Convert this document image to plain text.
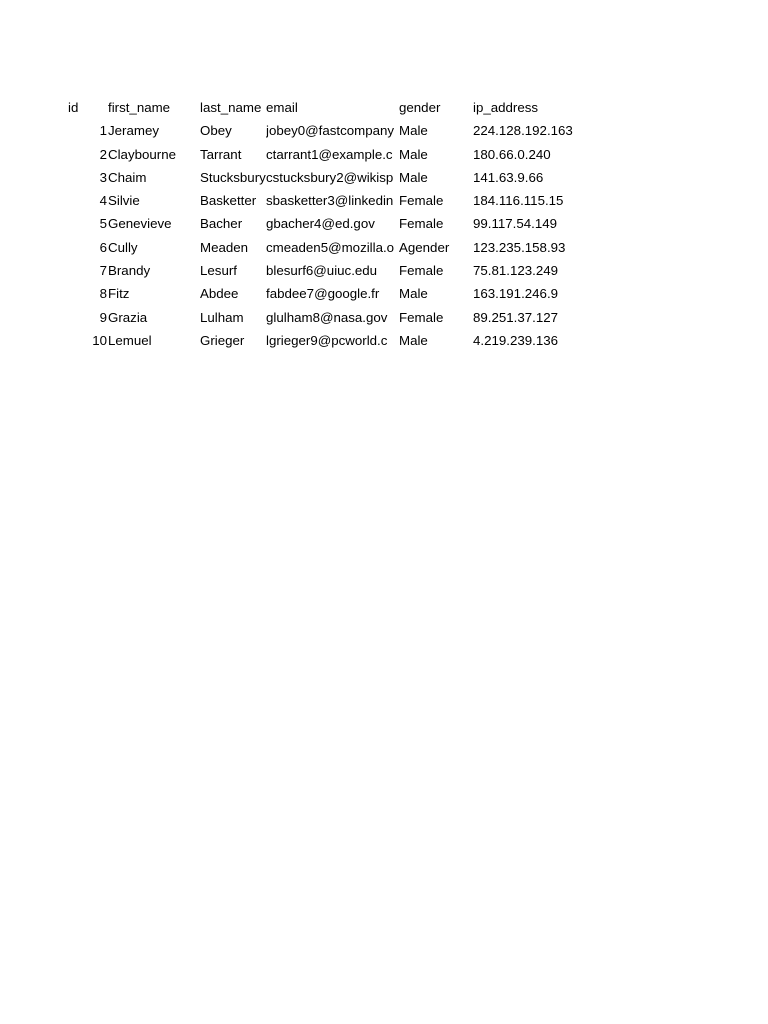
id	first_name	last_name	email	gender	ip_address
1	Jeramey	Obey	jobey0@fastcompany	Male	224.128.192.163
2	Claybourne	Tarrant	ctarrant1@example.c	Male	180.66.0.240
3	Chaim	Stucksbury	cstucksbury2@wikisp	Male	141.63.9.66
4	Silvie	Basketter	sbasketter3@linkedin	Female	184.116.115.15
5	Genevieve	Bacher	gbacher4@ed.gov	Female	99.117.54.149
6	Cully	Meaden	cmeaden5@mozilla.o	Agender	123.235.158.93
7	Brandy	Lesurf	blesurf6@uiuc.edu	Female	75.81.123.249
8	Fitz	Abdee	fabdee7@google.fr	Male	163.191.246.9
9	Grazia	Lulham	glulham8@nasa.gov	Female	89.251.37.127
10	Lemuel	Grieger	lgrieger9@pcworld.c	Male	4.219.239.136
